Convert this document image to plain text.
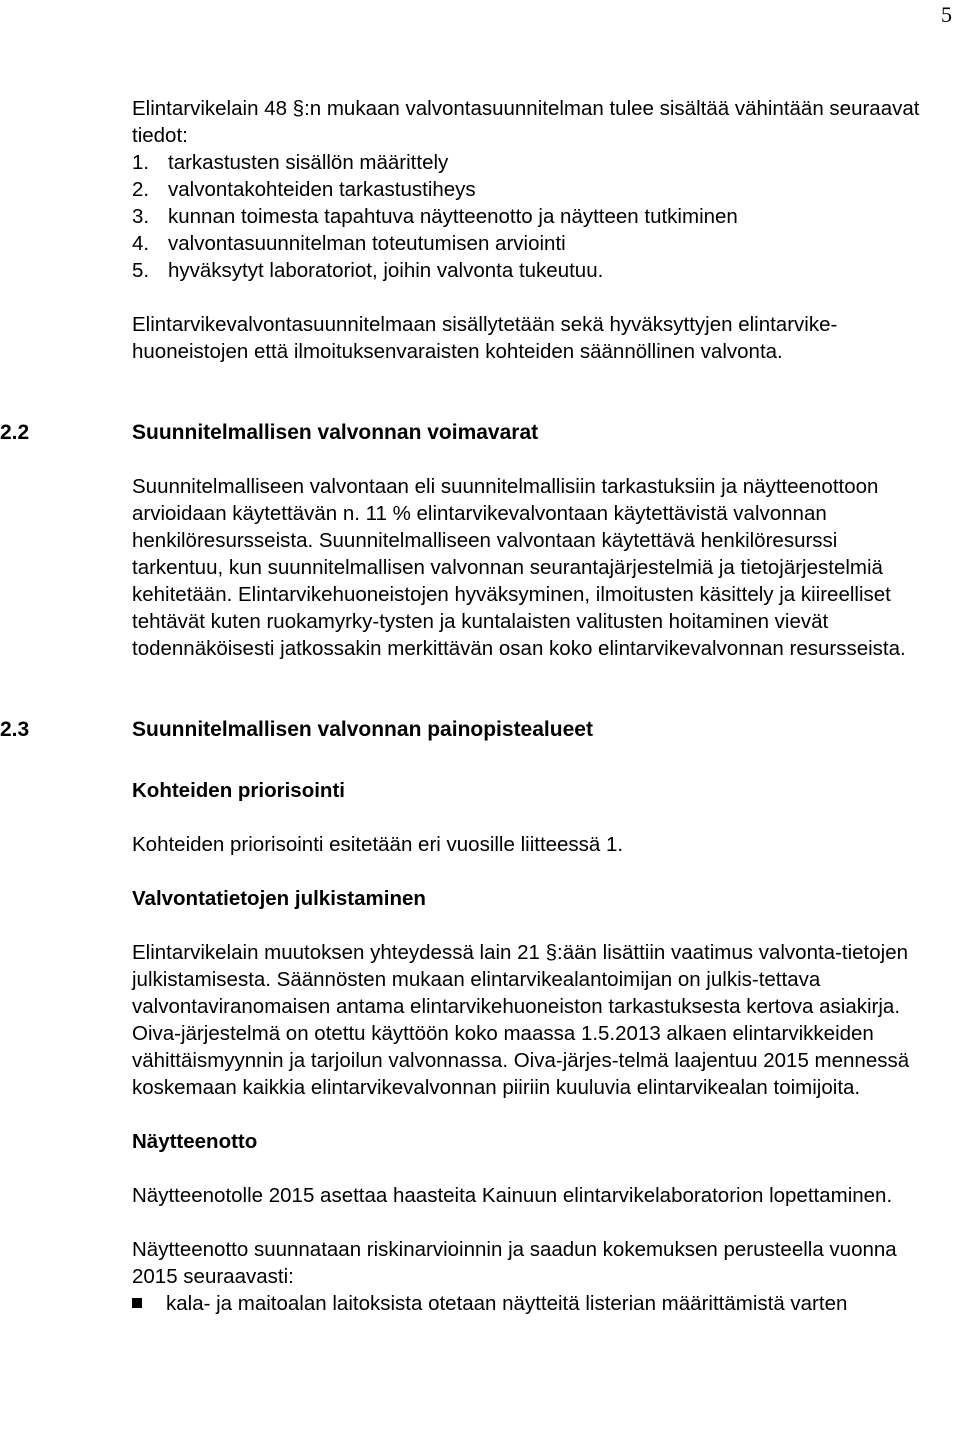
5

Elintarvikelain 48 §:n mukaan valvontasuunnitelman tulee sisältää vähintään seuraavat tiedot:

1. tarkastusten sisällön määrittely
2. valvontakohteiden tarkastustiheys
3. kunnan toimesta tapahtuva näytteenotto ja näytteen tutkiminen
4. valvontasuunnitelman toteutumisen arviointi
5. hyväksytyt laboratoriot, joihin valvonta tukeutuu.

Elintarvikevalvontasuunnitelmaan sisällytetään sekä hyväksyttyjen elintarvike-huoneistojen että ilmoituksenvaraisten kohteiden säännöllinen valvonta.

2.2	Suunnitelmallisen valvonnan voimavarat

Suunnitelmalliseen valvontaan eli suunnitelmallisiin tarkastuksiin ja näytteenottoon arvioidaan käytettävän n. 11 % elintarvikevalvontaan käytettävistä valvonnan henkilöresursseista. Suunnitelmalliseen valvontaan käytettävä henkilöresurssi tarkentuu, kun suunnitelmallisen valvonnan seurantajärjestelmiä ja tietojärjestelmiä kehitetään. Elintarvikehuoneistojen hyväksyminen, ilmoitusten käsittely ja kiireelliset tehtävät kuten ruokamyrky-tysten ja kuntalaisten valitusten hoitaminen vievät todennäköisesti jatkossakin merkittävän osan koko elintarvikevalvonnan resursseista.

2.3	Suunnitelmallisen valvonnan painopistealueet

Kohteiden priorisointi

Kohteiden priorisointi esitetään eri vuosille liitteessä 1.

Valvontatietojen julkistaminen

Elintarvikelain muutoksen yhteydessä lain 21 §:ään lisättiin vaatimus valvonta-tietojen julkistamisesta. Säännösten mukaan elintarvikealantoimijan on julkis-tettava valvontaviranomaisen antama elintarvikehuoneiston tarkastuksesta kertova asiakirja. Oiva-järjestelmä on otettu käyttöön koko maassa 1.5.2013 alkaen elintarvikkeiden vähittäismyynnin ja tarjoilun valvonnassa. Oiva-järjes-telmä laajentuu 2015 mennessä koskemaan kaikkia elintarvikevalvonnan piiriin kuuluvia elintarvikealan toimijoita.

Näytteenotto

Näytteenotolle 2015 asettaa haasteita Kainuun elintarvikelaboratorion lopettaminen.

Näytteenotto suunnataan riskinarvioinnin ja saadun kokemuksen perusteella vuonna 2015 seuraavasti:

kala- ja maitoalan laitoksista otetaan näytteitä listerian määrittämistä varten
